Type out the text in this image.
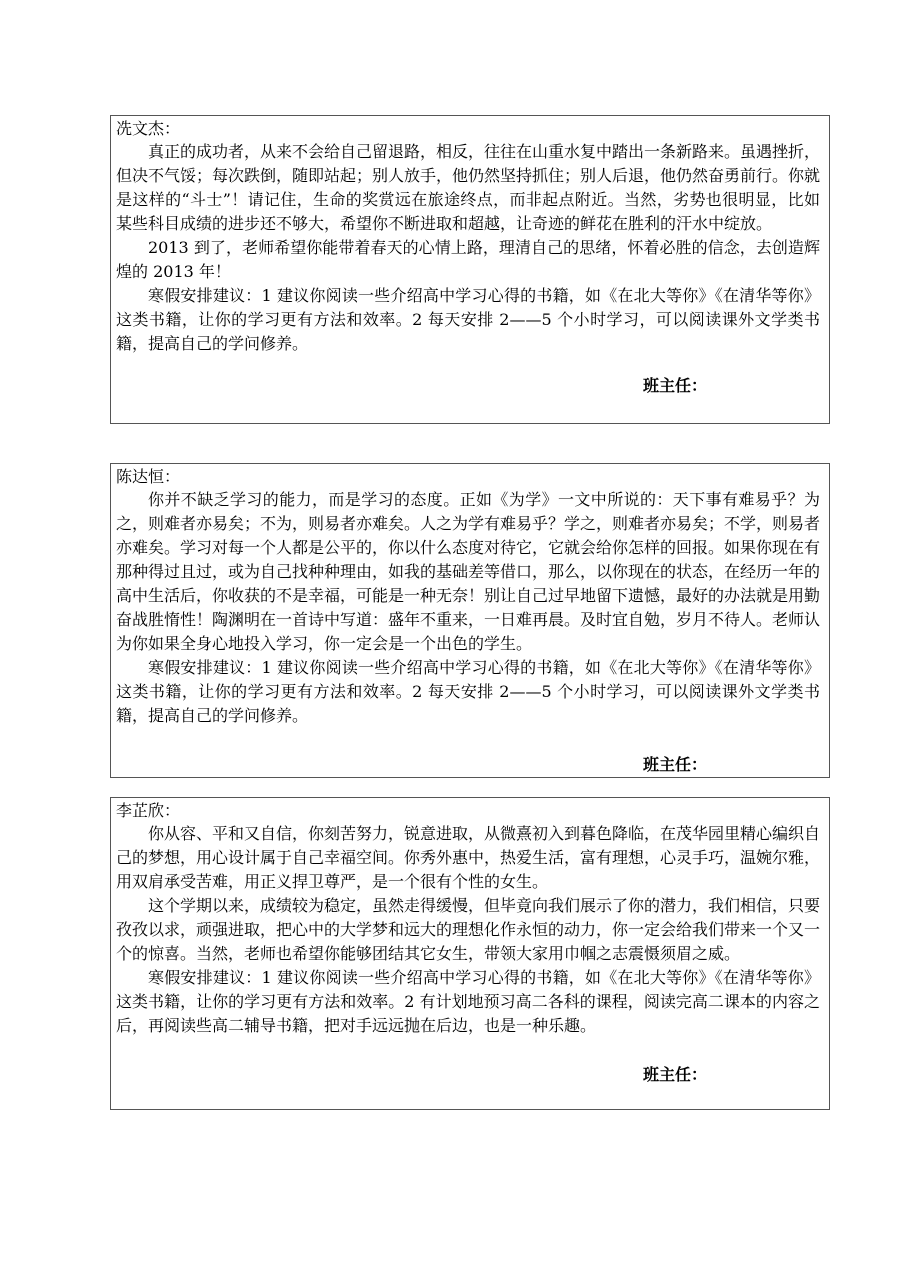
冼文杰：

真正的成功者，从来不会给自己留退路，相反，往往在山重水复中踏出一条新路来。虽遇挫折，但决不气馁；每次跌倒，随即站起；别人放手，他仍然坚持抓住；别人后退，他仍然奋勇前行。你就是这样的“斗士”！请记住，生命的奖赏远在旅途终点，而非起点附近。当然，劣势也很明显，比如某些科目成绩的进步还不够大，希望你不断进取和超越，让奇迹的鲜花在胜利的汗水中绽放。

2013 到了，老师希望你能带着春天的心情上路，理清自己的思绪，怀着必胜的信念，去创造辉煌的 2013 年！

寒假安排建议：1 建议你阅读一些介绍高中学习心得的书籍，如《在北大等你》《在清华等你》这类书籍，让你的学习更有方法和效率。2 每天安排 2——5 个小时学习，可以阅读课外文学类书籍，提高自己的学问修养。

班主任：
陈达恒：

你并不缺乏学习的能力，而是学习的态度。正如《为学》一文中所说的：天下事有难易乎？为之，则难者亦易矣；不为，则易者亦难矣。人之为学有难易乎？学之，则难者亦易矣；不学，则易者亦难矣。学习对每一个人都是公平的，你以什么态度对待它，它就会给你怎样的回报。如果你现在有那种得过且过，或为自己找种种理由，如我的基础差等借口，那么，以你现在的状态，在经历一年的高中生活后，你收获的不是幸福，可能是一种无奈！别让自己过早地留下遗憾，最好的办法就是用勤奋战胜惰性！陶渊明在一首诗中写道：盛年不重来，一日难再晨。及时宜自勉，岁月不待人。老师认为你如果全身心地投入学习，你一定会是一个出色的学生。

寒假安排建议：1 建议你阅读一些介绍高中学习心得的书籍，如《在北大等你》《在清华等你》这类书籍，让你的学习更有方法和效率。2 每天安排 2——5 个小时学习，可以阅读课外文学类书籍，提高自己的学问修养。

班主任：
李芷欣：

你从容、平和又自信，你刻苦努力，锐意进取，从微熹初入到暮色降临，在茂华园里精心编织自己的梦想，用心设计属于自己幸福空间。你秀外惠中，热爱生活，富有理想，心灵手巧，温婉尔雅，用双肩承受苦难，用正义捍卫尊严，是一个很有个性的女生。

这个学期以来，成绩较为稳定，虽然走得缓慢，但毕竟向我们展示了你的潜力，我们相信，只要孜孜以求，顽强进取，把心中的大学梦和远大的理想化作永恒的动力，你一定会给我们带来一个又一个的惊喜。当然，老师也希望你能够团结其它女生，带领大家用巾帼之志震慑须眉之威。

寒假安排建议：1 建议你阅读一些介绍高中学习心得的书籍，如《在北大等你》《在清华等你》这类书籍，让你的学习更有方法和效率。2 有计划地预习高二各科的课程，阅读完高二课本的内容之后，再阅读些高二辅导书籍，把对手远远抛在后边，也是一种乐趣。

班主任：
